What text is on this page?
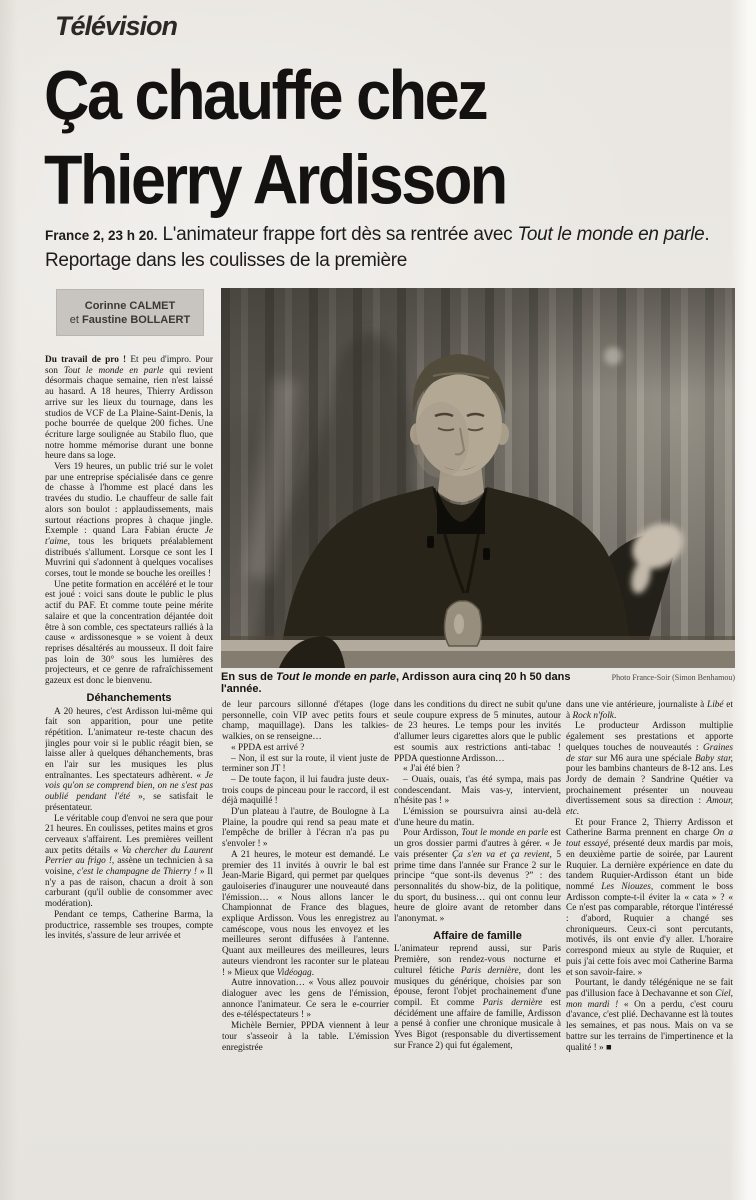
Télévision
Ça chauffe chez
Thierry Ardisson
France 2, 23 h 20. L'animateur frappe fort dès sa rentrée avec Tout le monde en parle. Reportage dans les coulisses de la première
Corinne CALMET
et Faustine BOLLAERT
En sus de Tout le monde en parle, Ardisson aura cinq 20 h 50 dans l'année.
Photo France-Soir (Simon Benhamou)

Du travail de pro ! Et peu d'impro. Pour son Tout le monde en parle qui revient désormais chaque semaine, rien n'est laissé au hasard. A 18 heures, Thierry Ardisson arrive sur les lieux du tournage, dans les studios de VCF de La Plaine-Saint-Denis, la poche bourrée de quelque 200 fiches. Une écriture large soulignée au Stabilo fluo, que notre homme mémorise durant une bonne heure dans sa loge.

Vers 19 heures, un public trié sur le volet par une entreprise spécialisée dans ce genre de chasse à l'homme est placé dans les travées du studio. Le chauffeur de salle fait alors son boulot : applaudissements, mais surtout réactions propres à chaque jingle. Exemple : quand Lara Fabian éructe Je t'aime, tous les briquets préalablement distribués s'allument. Lorsque ce sont les I Muvrini qui s'adonnent à quelques vocalises corses, tout le monde se bouche les oreilles !

Une petite formation en accéléré et le tour est joué : voici sans doute le public le plus actif du PAF. Et comme toute peine mérite salaire et que la concentration déjantée doit être à son comble, ces spectateurs ralliés à la cause « ardissonesque » se voient à deux reprises désaltérés au mousseux. Il doit faire pas loin de 30° sous les lumières des projecteurs, et ce genre de rafraîchissement gazeux est donc le bienvenu.

Déhanchements

A 20 heures, c'est Ardisson lui-même qui fait son apparition, pour une petite répétition. L'animateur re-teste chacun des jingles pour voir si le public réagit bien, se laisse aller à quelques déhanchements, bras en l'air sur les musiques les plus entraînantes. Les spectateurs adhèrent. « Je vois qu'on se comprend bien, on ne s'est pas oublié pendant l'été », se satisfait le présentateur.

Le véritable coup d'envoi ne sera que pour 21 heures. En coulisses, petites mains et gros cerveaux s'affairent. Les premières veillent aux petits détails « Va chercher du Laurent Perrier au frigo !, assène un technicien à sa voisine, c'est le champagne de Thierry ! » Il n'y a pas de raison, chacun a droit à son carburant (qu'il oublie de consommer avec modération).

Pendant ce temps, Catherine Barma, la productrice, rassemble ses troupes, compte les invités, s'assure de leur arrivée et

de leur parcours sillonné d'étapes (loge personnelle, coin VIP avec petits fours et champ, maquillage). Dans les talkies-walkies, on se renseigne…

« PPDA est arrivé ?

– Non, il est sur la route, il vient juste de terminer son JT !

– De toute façon, il lui faudra juste deux-trois coups de pinceau pour le raccord, il est déjà maquillé !

D'un plateau à l'autre, de Boulogne à La Plaine, la poudre qui rend sa peau mate et l'empêche de briller à l'écran n'a pas pu s'envoler ! »

A 21 heures, le moteur est demandé. Le premier des 11 invités à ouvrir le bal est Jean-Marie Bigard, qui permet par quelques gauloiseries d'inaugurer une nouveauté dans l'émission… « Nous allons lancer le Championnat de France des blagues, explique Ardisson. Vous les enregistrez au caméscope, vous nous les envoyez et les meilleures seront diffusées à l'antenne. Quant aux meilleures des meilleures, leurs auteurs viendront les raconter sur le plateau ! » Mieux que Vidéogag.

Autre innovation… « Vous allez pouvoir dialoguer avec les gens de l'émission, annonce l'animateur. Ce sera le e-courrier des e-téléspectateurs ! »

Michèle Bernier, PPDA viennent à leur tour s'asseoir à la table. L'émission enregistrée

dans les conditions du direct ne subit qu'une seule coupure express de 5 minutes, autour de 23 heures. Le temps pour les invités d'allumer leurs cigarettes alors que le public est soumis aux restrictions anti-tabac ! PPDA questionne Ardisson…

« J'ai été bien ?

– Ouais, ouais, t'as été sympa, mais pas condescendant. Mais vas-y, intervient, n'hésite pas ! »

L'émission se poursuivra ainsi au-delà d'une heure du matin.

Pour Ardisson, Tout le monde en parle est un gros dossier parmi d'autres à gérer. « Je vais présenter Ça s'en va et ça revient, 5 prime time dans l'année sur France 2 sur le principe “que sont-ils devenus ?” : des personnalités du show-biz, de la politique, du sport, du business… qui ont connu leur heure de gloire avant de retomber dans l'anonymat. »

Affaire de famille

L'animateur reprend aussi, sur Paris Première, son rendez-vous nocturne et culturel fétiche Paris dernière, dont les musiques du générique, choisies par son épouse, feront l'objet prochainement d'une compil. Et comme Paris dernière est décidément une affaire de famille, Ardisson a pensé à confier une chronique musicale à Yves Bigot (responsable du divertissement sur France 2) qui fut également,

dans une vie antérieure, journaliste à Libé et à Rock n'folk.

Le producteur Ardisson multiplie également ses prestations et apporte quelques touches de nouveautés : Graines de star sur M6 aura une spéciale Baby star, pour les bambins chanteurs de 8-12 ans. Les Jordy de demain ? Sandrine Quétier va prochainement présenter un nouveau divertissement sous sa direction : Amour, etc.

Et pour France 2, Thierry Ardisson et Catherine Barma prennent en charge On a tout essayé, présenté deux mardis par mois, en deuxième partie de soirée, par Laurent Ruquier. La dernière expérience en date du tandem Ruquier-Ardisson étant un bide nommé Les Niouzes, comment le boss Ardisson compte-t-il éviter la « cata » ? « Ce n'est pas comparable, rétorque l'intéressé : d'abord, Ruquier a changé ses chroniqueurs. Ceux-ci sont percutants, motivés, ils ont envie d'y aller. L'horaire correspond mieux au style de Ruquier, et puis j'ai cette fois avec moi Catherine Barma et son savoir-faire. »

Pourtant, le dandy télégénique ne se fait pas d'illusion face à Dechavanne et son Ciel, mon mardi ! « On a perdu, c'est couru d'avance, c'est plié. Dechavanne est là toutes les semaines, et pas nous. Mais on va se battre sur les terrains de l'impertinence et la qualité ! » ■
